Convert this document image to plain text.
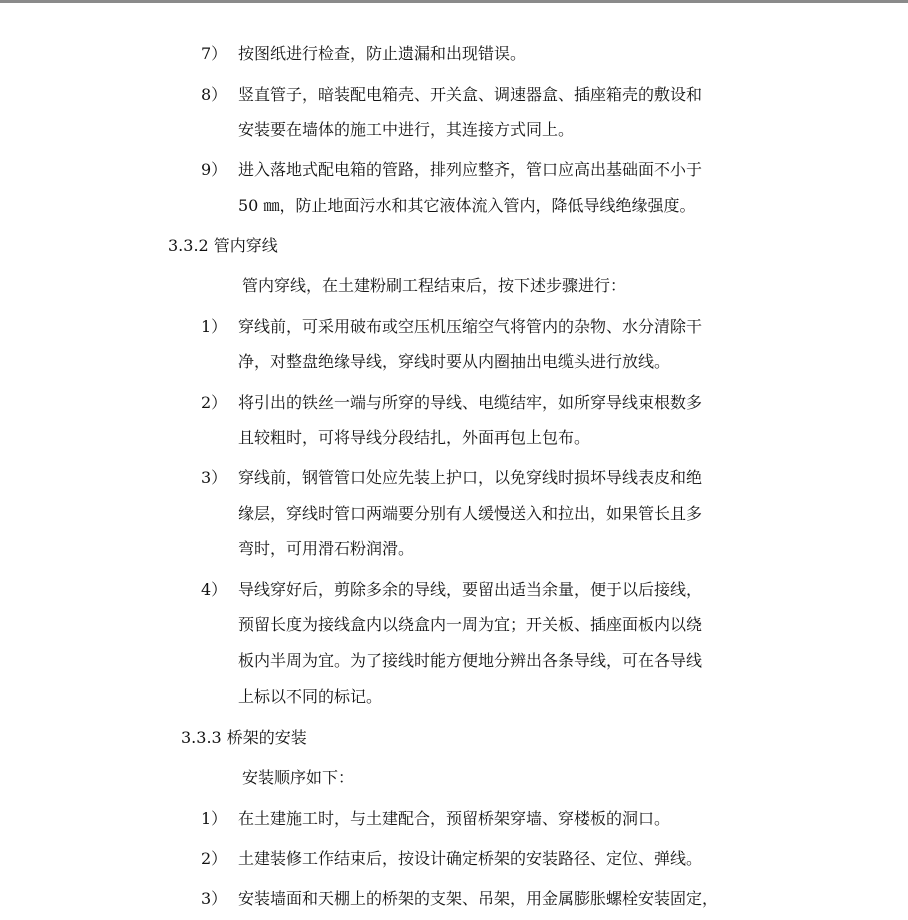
7） 按图纸进行检查，防止遗漏和出现错误。
8） 竖直管子，暗装配电箱壳、开关盒、调速器盒、插座箱壳的敷设和
安装要在墙体的施工中进行，其连接方式同上。
9） 进入落地式配电箱的管路，排列应整齐，管口应高出基础面不小于
50 ㎜，防止地面污水和其它液体流入管内，降低导线绝缘强度。
3.3.2 管内穿线
管内穿线，在土建粉刷工程结束后，按下述步骤进行：
1） 穿线前，可采用破布或空压机压缩空气将管内的杂物、水分清除干
净，对整盘绝缘导线，穿线时要从内圈抽出电缆头进行放线。
2） 将引出的铁丝一端与所穿的导线、电缆结牢，如所穿导线束根数多
且较粗时，可将导线分段结扎，外面再包上包布。
3） 穿线前，钢管管口处应先装上护口，以免穿线时损坏导线表皮和绝
缘层，穿线时管口两端要分别有人缓慢送入和拉出，如果管长且多
弯时，可用滑石粉润滑。
4） 导线穿好后，剪除多余的导线，要留出适当余量，便于以后接线，
预留长度为接线盒内以绕盒内一周为宜；开关板、插座面板内以绕
板内半周为宜。为了接线时能方便地分辨出各条导线，可在各导线
上标以不同的标记。
3.3.3 桥架的安装
安装顺序如下：
1） 在土建施工时，与土建配合，预留桥架穿墙、穿楼板的洞口。
2） 土建装修工作结束后，按设计确定桥架的安装路径、定位、弹线。
3） 安装墙面和天棚上的桥架的支架、吊架，用金属膨胀螺栓安装固定，
